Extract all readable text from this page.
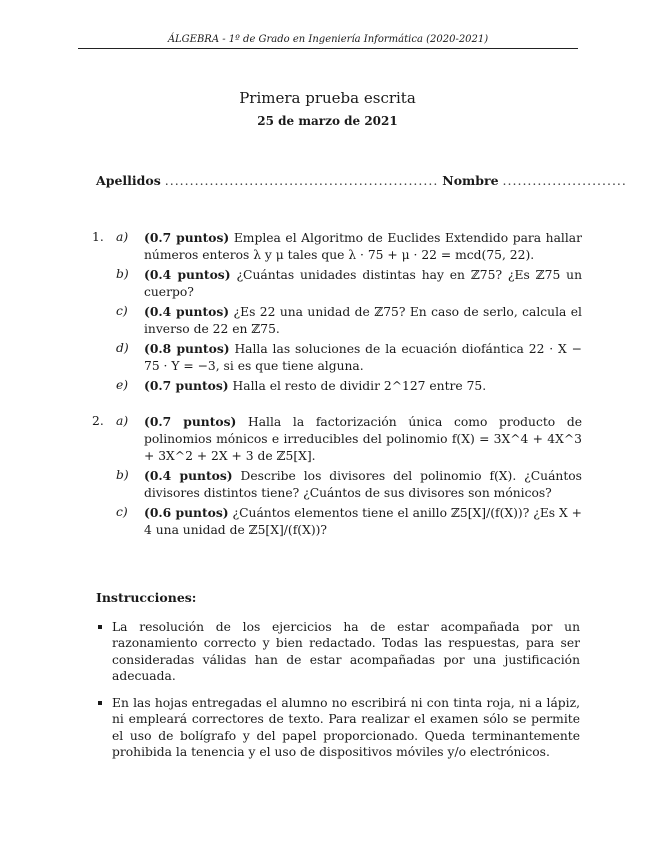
ÁLGEBRA - 1º de Grado en Ingeniería Informática (2020-2021)
Primera prueba escrita
25 de marzo de 2021
Apellidos ....................................................... Nombre .........................
1. a) (0.7 puntos) Emplea el Algoritmo de Euclides Extendido para hallar números enteros λ y μ tales que λ · 75 + μ · 22 = mcd(75, 22).
b) (0.4 puntos) ¿Cuántas unidades distintas hay en ℤ75? ¿Es ℤ75 un cuerpo?
c) (0.4 puntos) ¿Es 22 una unidad de ℤ75? En caso de serlo, calcula el inverso de 22 en ℤ75.
d) (0.8 puntos) Halla las soluciones de la ecuación diofántica 22 · X − 75 · Y = −3, si es que tiene alguna.
e) (0.7 puntos) Halla el resto de dividir 2^127 entre 75.
2. a) (0.7 puntos) Halla la factorización única como producto de polinomios mónicos e irreducibles del polinomio f(X) = 3X^4 + 4X^3 + 3X^2 + 2X + 3 de ℤ5[X].
b) (0.4 puntos) Describe los divisores del polinomio f(X). ¿Cuántos divisores distintos tiene? ¿Cuántos de sus divisores son mónicos?
c) (0.6 puntos) ¿Cuántos elementos tiene el anillo ℤ5[X]/(f(X))? ¿Es X + 4 una unidad de ℤ5[X]/(f(X))?
Instrucciones:
La resolución de los ejercicios ha de estar acompañada por un razonamiento correcto y bien redactado. Todas las respuestas, para ser consideradas válidas han de estar acompañadas por una justificación adecuada.
En las hojas entregadas el alumno no escribirá ni con tinta roja, ni a lápiz, ni empleará correctores de texto. Para realizar el examen sólo se permite el uso de bolígrafo y del papel proporcionado. Queda terminantemente prohibida la tenencia y el uso de dispositivos móviles y/o electrónicos.
